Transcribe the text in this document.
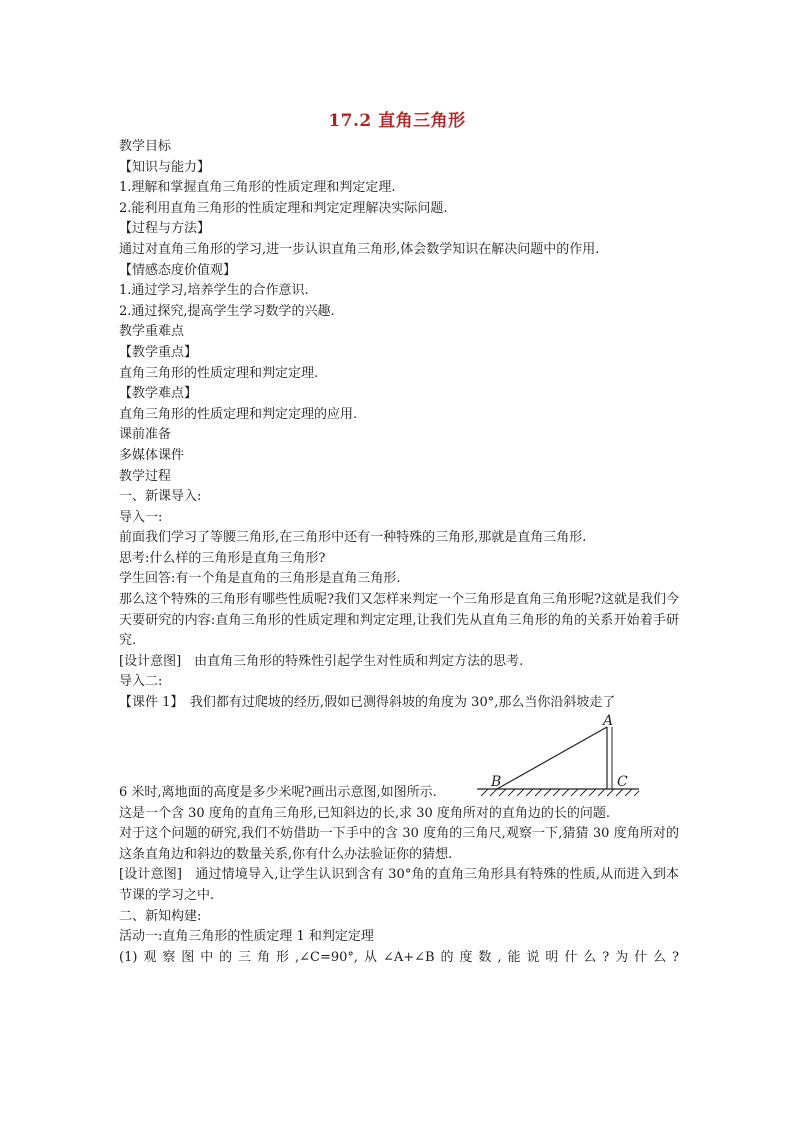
17.2 直角三角形
教学目标
【知识与能力】
1.理解和掌握直角三角形的性质定理和判定定理.
2.能利用直角三角形的性质定理和判定定理解决实际问题.
【过程与方法】
通过对直角三角形的学习,进一步认识直角三角形,体会数学知识在解决问题中的作用.
【情感态度价值观】
1.通过学习,培养学生的合作意识.
2.通过探究,提高学生学习数学的兴趣.
教学重难点
【教学重点】
直角三角形的性质定理和判定定理.
【教学难点】
直角三角形的性质定理和判定定理的应用.
课前准备
多媒体课件
教学过程
一、新课导入:
导入一:
前面我们学习了等腰三角形,在三角形中还有一种特殊的三角形,那就是直角三角形.
思考:什么样的三角形是直角三角形?
学生回答:有一个角是直角的三角形是直角三角形.
那么这个特殊的三角形有哪些性质呢?我们又怎样来判定一个三角形是直角三角形呢?这就是我们今天要研究的内容:直角三角形的性质定理和判定定理,让我们先从直角三角形的角的关系开始着手研究.
[设计意图]　由直角三角形的特殊性引起学生对性质和判定方法的思考.
导入二:
【课件 1】　我们都有过爬坡的经历,假如已测得斜坡的角度为 30°,那么当你沿斜坡走了
A
B	C
6 米时,离地面的高度是多少米呢?画出示意图,如图所示.
这是一个含 30 度角的直角三角形,已知斜边的长,求 30 度角所对的直角边的长的问题.
对于这个问题的研究,我们不妨借助一下手中的含 30 度角的三角尺,观察一下,猜猜 30 度角所对的这条直角边和斜边的数量关系,你有什么办法验证你的猜想.
[设计意图]　通过情境导入,让学生认识到含有 30°角的直角三角形具有特殊的性质,从而进入到本节课的学习之中.
二、新知构建:
活动一:直角三角形的性质定理 1 和判定定理
(1)观察图中的三角形,∠C=90°,从∠A+∠B的度数,能说明什么?为什么?
